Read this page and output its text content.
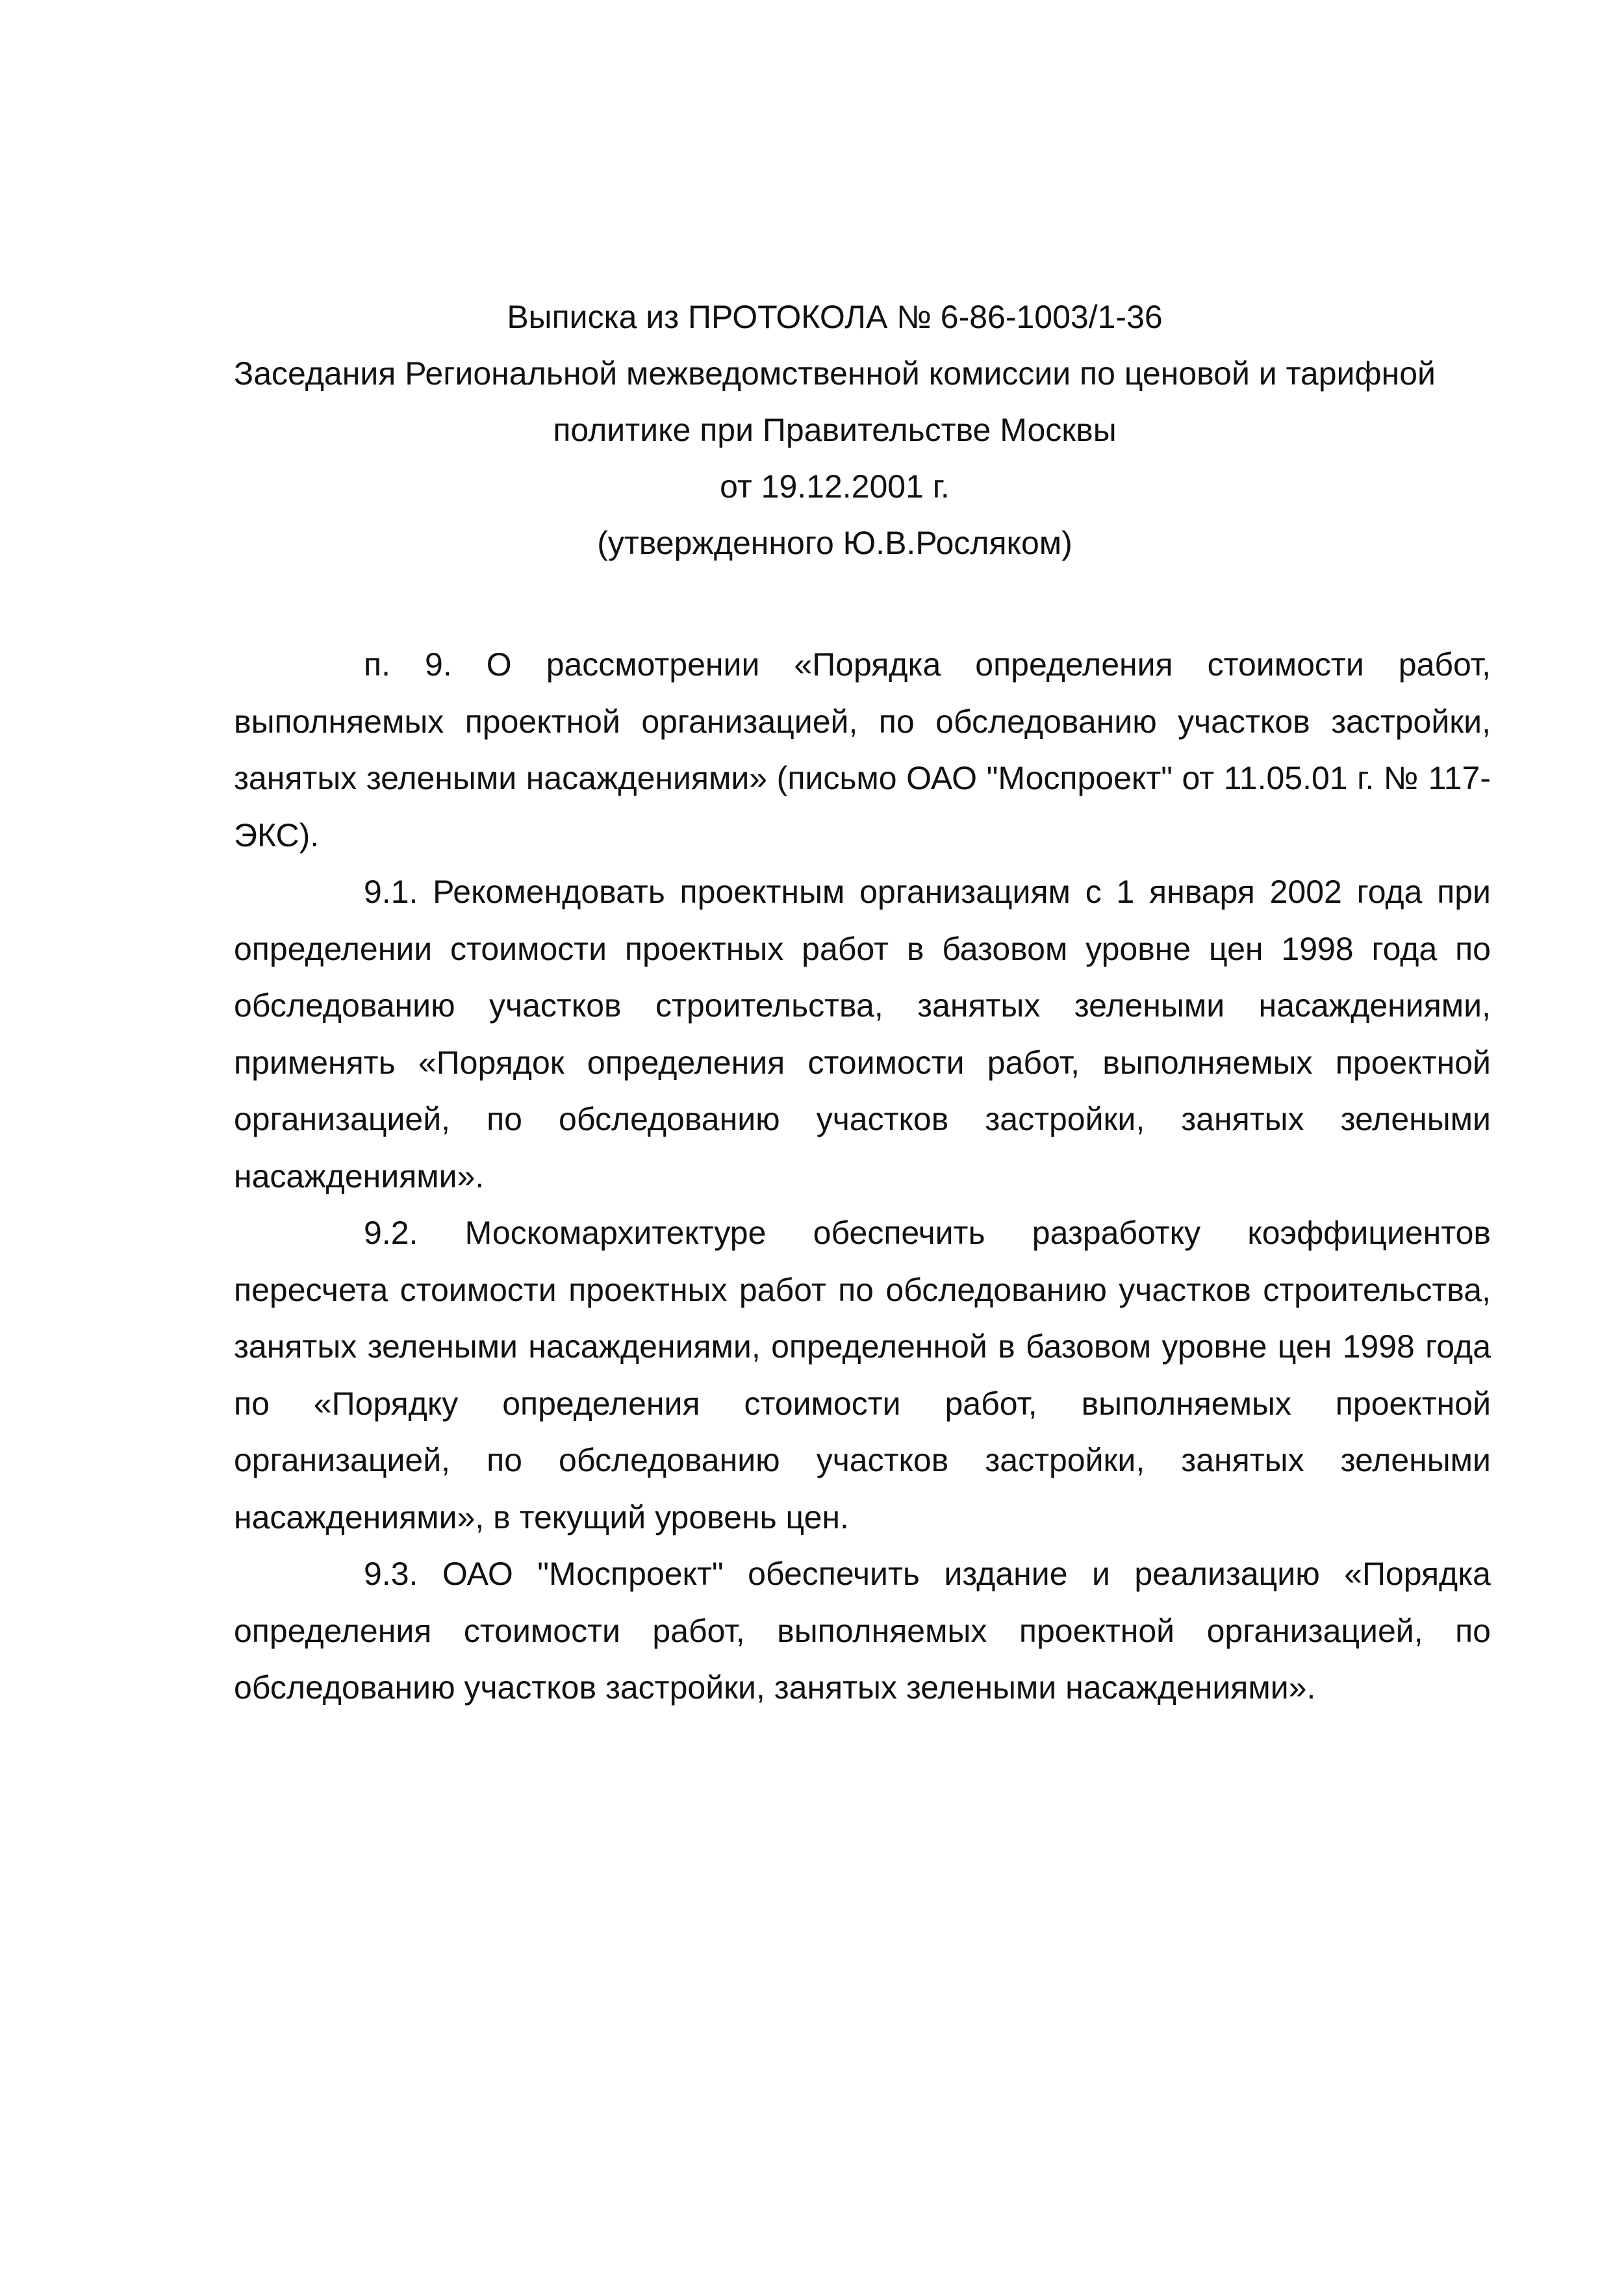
Выписка из ПРОТОКОЛА № 6-86-1003/1-36
Заседания Региональной межведомственной комиссии по ценовой и тарифной
политике при Правительстве Москвы
от 19.12.2001 г.
(утвержденного Ю.В.Росляком)

п. 9. О рассмотрении «Порядка определения стоимости работ, выполняемых проектной организацией, по обследованию участков застройки, занятых зелеными насаждениями» (письмо ОАО "Моспроект" от 11.05.01 г. № 117-ЭКС).

9.1. Рекомендовать проектным организациям с 1 января 2002 года при определении стоимости проектных работ в базовом уровне цен 1998 года по обследованию участков строительства, занятых зелеными насаждениями, применять «Порядок определения стоимости работ, выполняемых проектной организацией, по обследованию участков застройки, занятых зелеными насаждениями».

9.2. Москомархитектуре обеспечить разработку коэффициентов пересчета стоимости проектных работ по обследованию участков строительства, занятых зелеными насаждениями, определенной в базовом уровне цен 1998 года по «Порядку определения стоимости работ, выполняемых проектной организацией, по обследованию участков застройки, занятых зелеными насаждениями», в текущий уровень цен.

9.3. ОАО "Моспроект" обеспечить издание и реализацию «Порядка определения стоимости работ, выполняемых проектной организацией, по обследованию участков застройки, занятых зелеными насаждениями».
